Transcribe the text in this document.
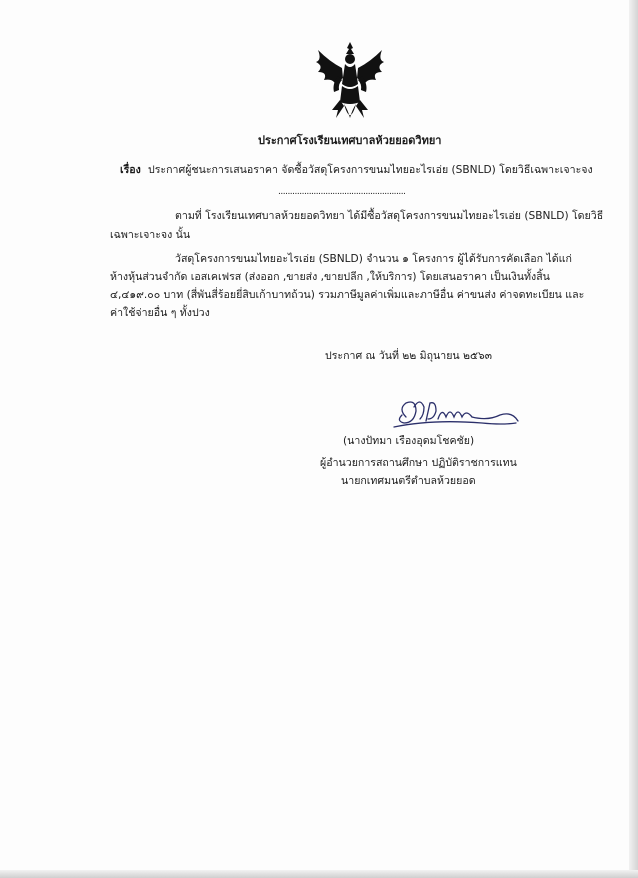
ประกาศโรงเรียนเทศบาลห้วยยอดวิทยา
เรื่อง ประกาศผู้ชนะการเสนอราคา จัดซื้อวัสดุโครงการขนมไทยอะไรเอ่ย (SBNLD) โดยวิธีเฉพาะเจาะจง
......................................................
ตามที่ โรงเรียนเทศบาลห้วยยอดวิทยา ได้มีซื้อวัสดุโครงการขนมไทยอะไรเอ่ย (SBNLD) โดยวิธี
เฉพาะเจาะจง นั้น
วัสดุโครงการขนมไทยอะไรเอ่ย (SBNLD) จำนวน ๑ โครงการ ผู้ได้รับการคัดเลือก ได้แก่
ห้างหุ้นส่วนจำกัด เอสเคเฟรส (ส่งออก ,ขายส่ง ,ขายปลีก ,ให้บริการ) โดยเสนอราคา เป็นเงินทั้งสิ้น
๔,๔๑๙.๐๐ บาท (สี่พันสี่ร้อยยี่สิบเก้าบาทถ้วน) รวมภาษีมูลค่าเพิ่มและภาษีอื่น ค่าขนส่ง ค่าจดทะเบียน และ
ค่าใช้จ่ายอื่น ๆ ทั้งปวง
ประกาศ ณ วันที่ ๒๒ มิถุนายน ๒๕๖๓
(นางปัทมา เรืองอุดมโชคชัย)
ผู้อำนวยการสถานศึกษา ปฏิบัติราชการแทน
นายกเทศมนตรีตำบลห้วยยอด
